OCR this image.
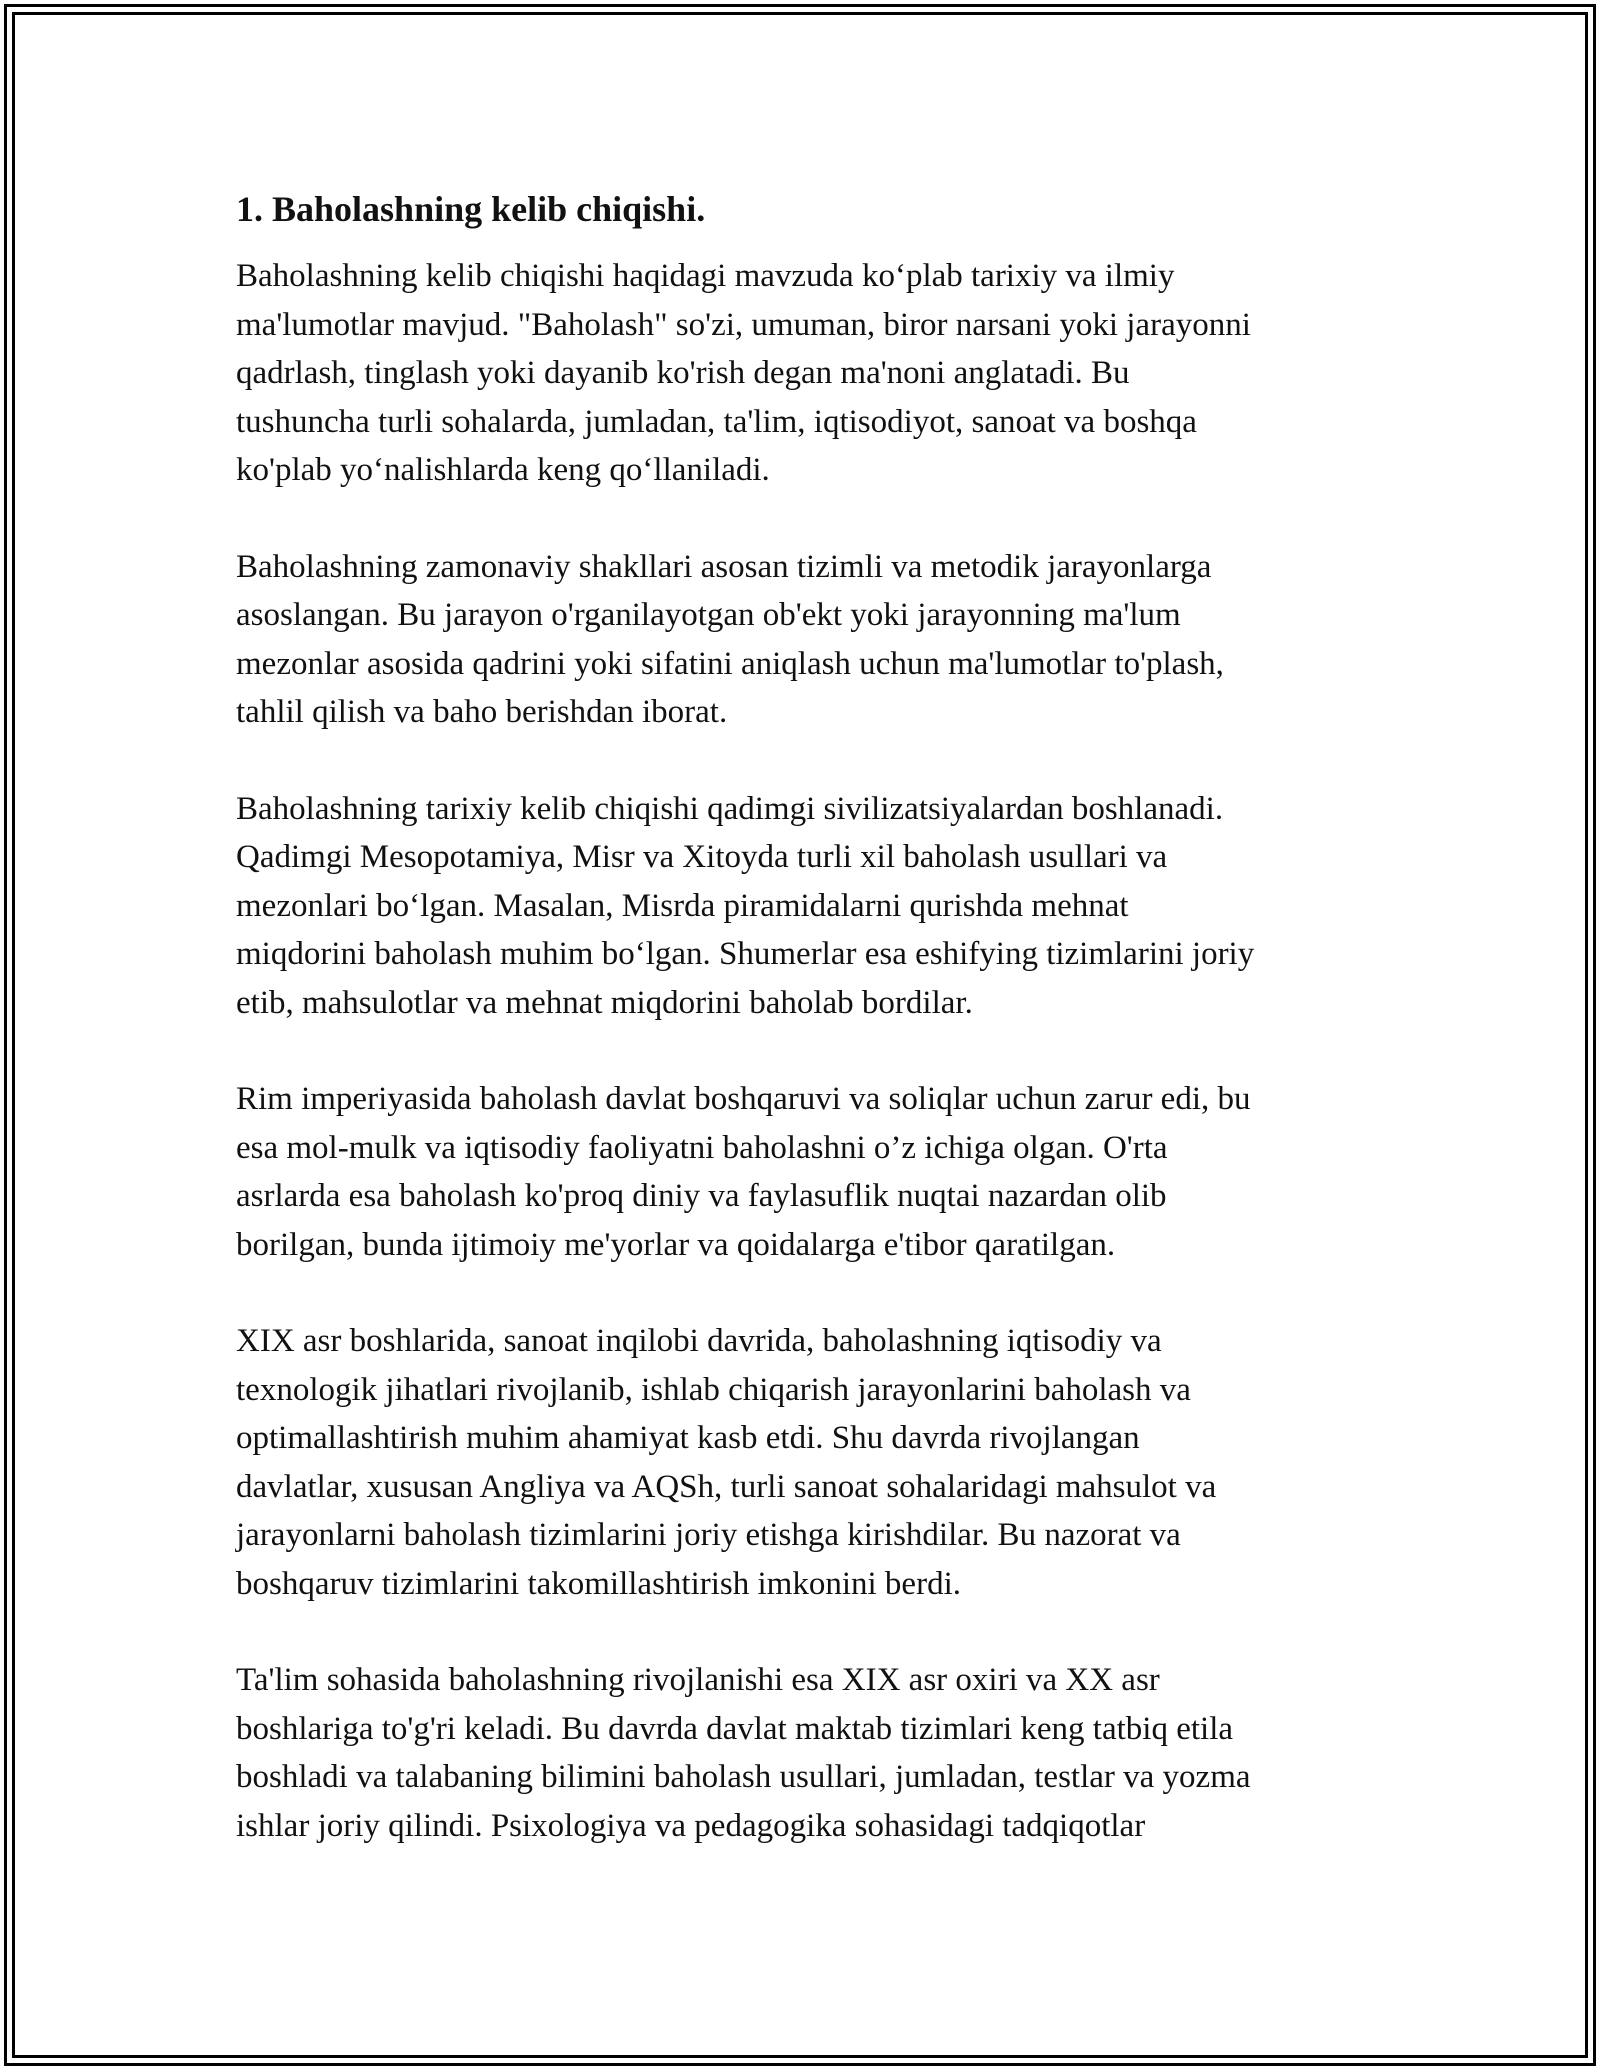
1. Baholashning kelib chiqishi.

Baholashning kelib chiqishi haqidagi mavzuda ko‘plab tarixiy va ilmiy
ma'lumotlar mavjud. "Baholash" so'zi, umuman, biror narsani yoki jarayonni
qadrlash, tinglash yoki dayanib ko'rish degan ma'noni anglatadi. Bu
tushuncha turli sohalarda, jumladan, ta'lim, iqtisodiyot, sanoat va boshqa
ko'plab yo‘nalishlarda keng qo‘llaniladi.

Baholashning zamonaviy shakllari asosan tizimli va metodik jarayonlarga
asoslangan. Bu jarayon o'rganilayotgan ob'ekt yoki jarayonning ma'lum
mezonlar asosida qadrini yoki sifatini aniqlash uchun ma'lumotlar to'plash,
tahlil qilish va baho berishdan iborat.

Baholashning tarixiy kelib chiqishi qadimgi sivilizatsiyalardan boshlanadi.
Qadimgi Mesopotamiya, Misr va Xitoyda turli xil baholash usullari va
mezonlari bo‘lgan. Masalan, Misrda piramidalarni qurishda mehnat
miqdorini baholash muhim bo‘lgan. Shumerlar esa eshifying tizimlarini joriy
etib, mahsulotlar va mehnat miqdorini baholab bordilar.

Rim imperiyasida baholash davlat boshqaruvi va soliqlar uchun zarur edi, bu
esa mol-mulk va iqtisodiy faoliyatni baholashni o’z ichiga olgan. O'rta
asrlarda esa baholash ko'proq diniy va faylasuflik nuqtai nazardan olib
borilgan, bunda ijtimoiy me'yorlar va qoidalarga e'tibor qaratilgan.

XIX asr boshlarida, sanoat inqilobi davrida, baholashning iqtisodiy va
texnologik jihatlari rivojlanib, ishlab chiqarish jarayonlarini baholash va
optimallashtirish muhim ahamiyat kasb etdi. Shu davrda rivojlangan
davlatlar, xususan Angliya va AQSh, turli sanoat sohalaridagi mahsulot va
jarayonlarni baholash tizimlarini joriy etishga kirishdilar. Bu nazorat va
boshqaruv tizimlarini takomillashtirish imkonini berdi.

Ta'lim sohasida baholashning rivojlanishi esa XIX asr oxiri va XX asr
boshlariga to'g'ri keladi. Bu davrda davlat maktab tizimlari keng tatbiq etila
boshladi va talabaning bilimini baholash usullari, jumladan, testlar va yozma
ishlar joriy qilindi. Psixologiya va pedagogika sohasidagi tadqiqotlar
